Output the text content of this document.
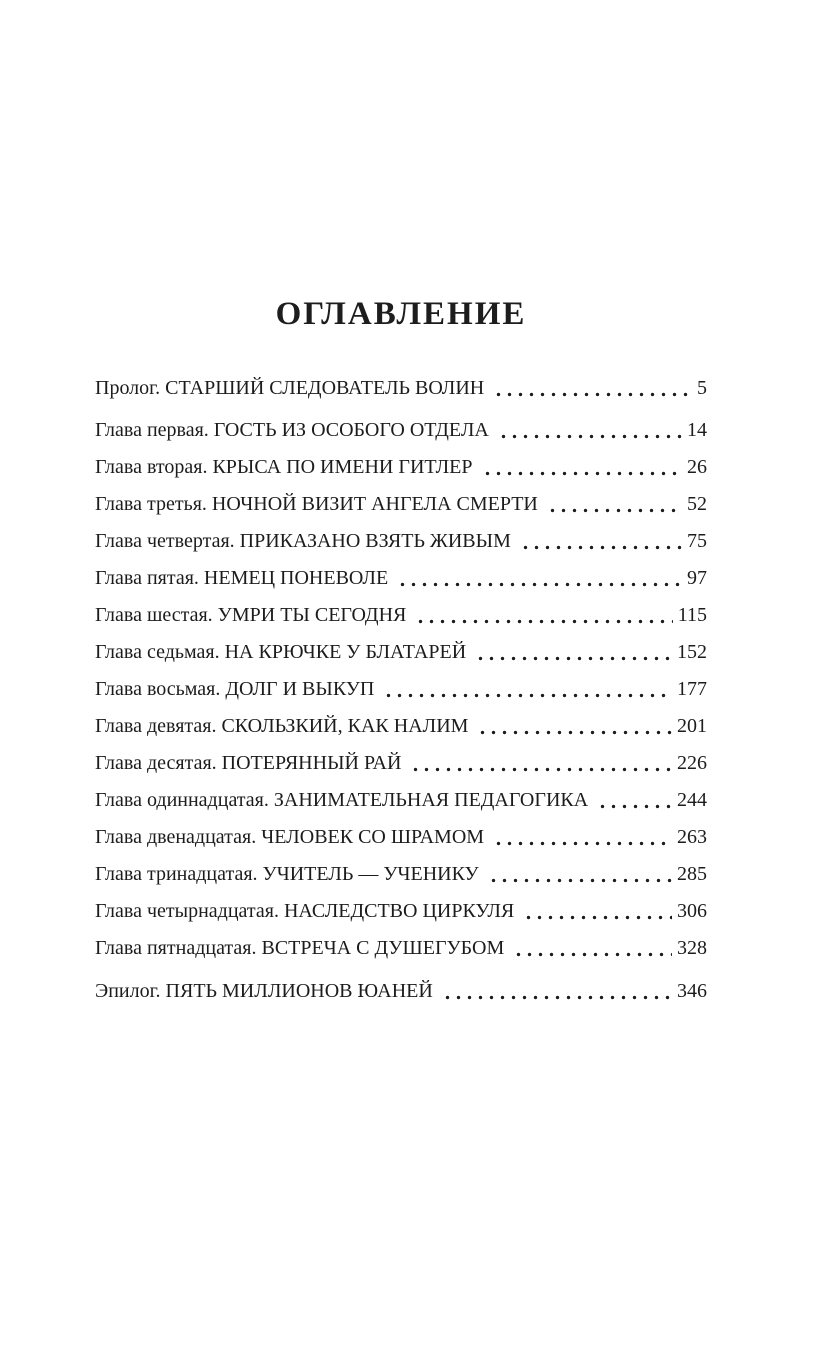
ОГЛАВЛЕНИЕ
Пролог. СТАРШИЙ СЛЕДОВАТЕЛЬ ВОЛИН	5
Глава первая. ГОСТЬ ИЗ ОСОБОГО ОТДЕЛА	14
Глава вторая. КРЫСА ПО ИМЕНИ ГИТЛЕР	26
Глава третья. НОЧНОЙ ВИЗИТ АНГЕЛА СМЕРТИ	52
Глава четвертая. ПРИКАЗАНО ВЗЯТЬ ЖИВЫМ	75
Глава пятая. НЕМЕЦ ПОНЕВОЛЕ	97
Глава шестая. УМРИ ТЫ СЕГОДНЯ	115
Глава седьмая. НА КРЮЧКЕ У БЛАТАРЕЙ	152
Глава восьмая. ДОЛГ И ВЫКУП	177
Глава девятая. СКОЛЬЗКИЙ, КАК НАЛИМ	201
Глава десятая. ПОТЕРЯННЫЙ РАЙ	226
Глава одиннадцатая. ЗАНИМАТЕЛЬНАЯ ПЕДАГОГИКА	244
Глава двенадцатая. ЧЕЛОВЕК СО ШРАМОМ	263
Глава тринадцатая. УЧИТЕЛЬ — УЧЕНИКУ	285
Глава четырнадцатая. НАСЛЕДСТВО ЦИРКУЛЯ	306
Глава пятнадцатая. ВСТРЕЧА С ДУШЕГУБОМ	328
Эпилог. ПЯТЬ МИЛЛИОНОВ ЮАНЕЙ	346
